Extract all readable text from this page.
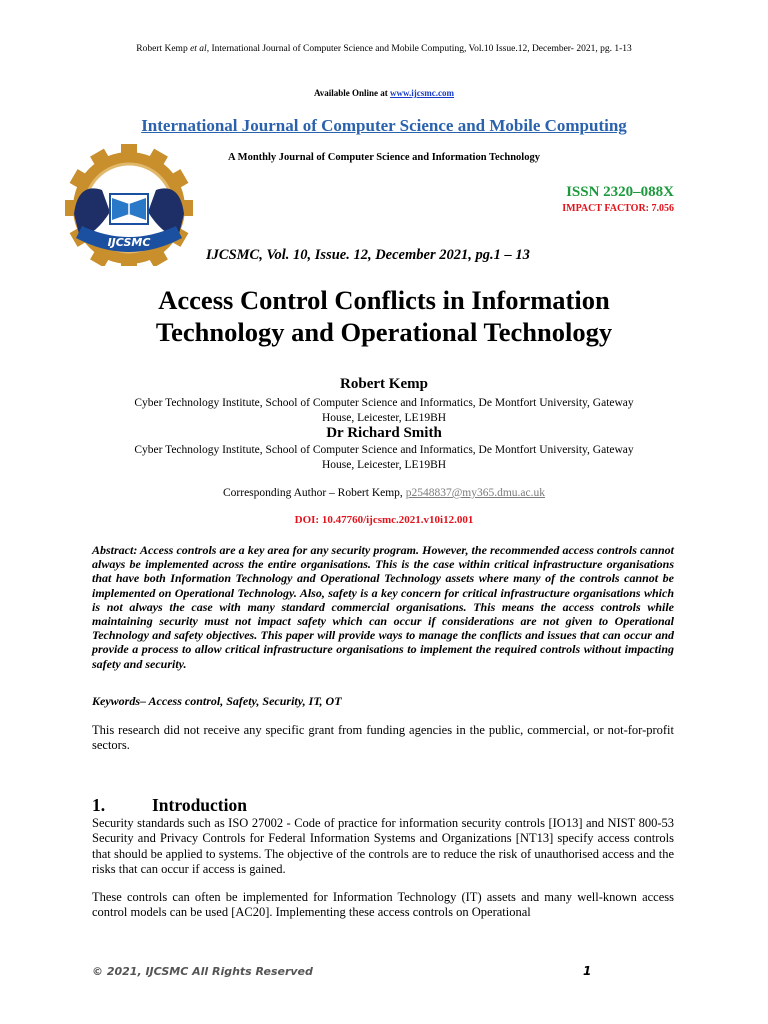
Robert Kemp et al, International Journal of Computer Science and Mobile Computing, Vol.10 Issue.12, December- 2021, pg. 1-13
Available Online at www.ijcsmc.com
International Journal of Computer Science and Mobile Computing
A Monthly Journal of Computer Science and Information Technology
IJCSMC
ISSN 2320–088X
IMPACT FACTOR: 7.056
IJCSMC, Vol. 10, Issue. 12, December 2021, pg.1 – 13
Access Control Conflicts in Information
Technology and Operational Technology
Robert Kemp
Cyber Technology Institute, School of Computer Science and Informatics, De Montfort University, Gateway
House, Leicester, LE19BH
Dr Richard Smith
Cyber Technology Institute, School of Computer Science and Informatics, De Montfort University, Gateway
House, Leicester, LE19BH
Corresponding Author – Robert Kemp, p2548837@my365.dmu.ac.uk
DOI: 10.47760/ijcsmc.2021.v10i12.001

Abstract: Access controls are a key area for any security program. However, the recommended access controls cannot always be implemented across the entire organisations. This is the case within critical infrastructure organisations that have both Information Technology and Operational Technology assets where many of the controls cannot be implemented on Operational Technology. Also, safety is a key concern for critical infrastructure organisations which is not always the case with many standard commercial organisations. This means the access controls while maintaining security must not impact safety which can occur if considerations are not given to Operational Technology and safety objectives. This paper will provide ways to manage the conflicts and issues that can occur and provide a process to allow critical infrastructure organisations to implement the required controls without impacting safety and security.

Keywords– Access control, Safety, Security, IT, OT

This research did not receive any specific grant from funding agencies in the public, commercial, or not-for-profit sectors.

1.	Introduction

Security standards such as ISO 27002 - Code of practice for information security controls [IO13] and NIST 800-53 Security and Privacy Controls for Federal Information Systems and Organizations [NT13] specify access controls that should be applied to systems. The objective of the controls are to reduce the risk of unauthorised access and the risks that can occur if access is gained.

These controls can often be implemented for Information Technology (IT) assets and many well-known access control models can be used [AC20]. Implementing these access controls on Operational

© 2021, IJCSMC All Rights Reserved	1
